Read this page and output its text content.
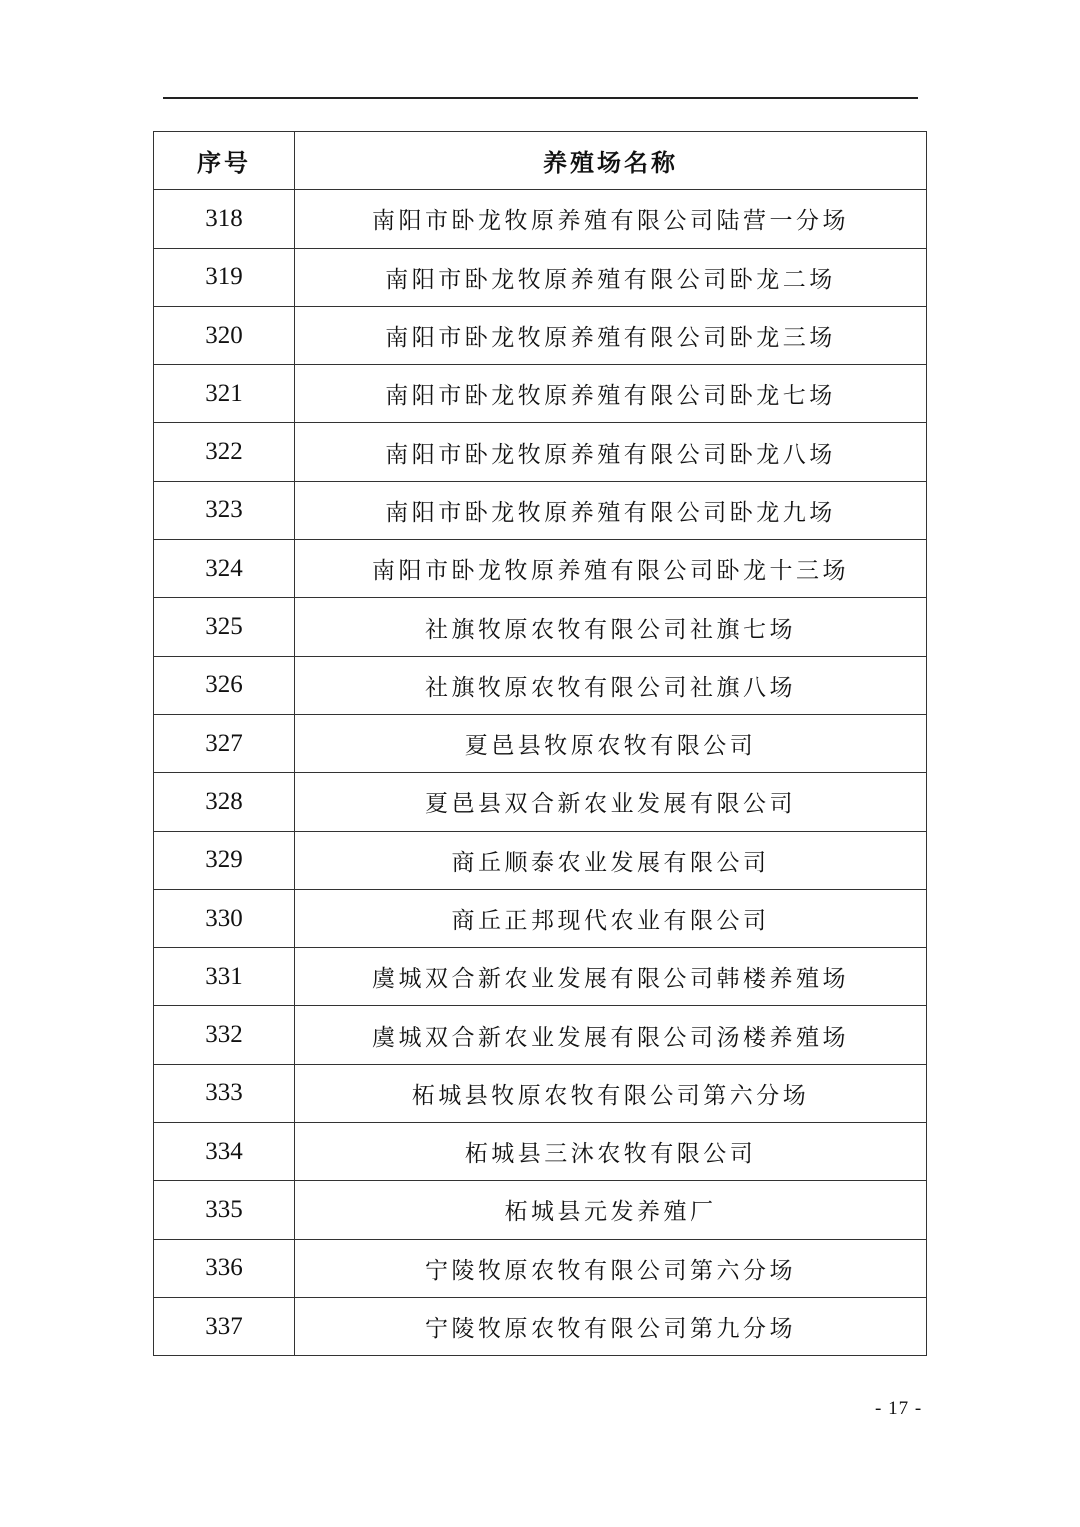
序号	养殖场名称
318	南阳市卧龙牧原养殖有限公司陆营一分场
319	南阳市卧龙牧原养殖有限公司卧龙二场
320	南阳市卧龙牧原养殖有限公司卧龙三场
321	南阳市卧龙牧原养殖有限公司卧龙七场
322	南阳市卧龙牧原养殖有限公司卧龙八场
323	南阳市卧龙牧原养殖有限公司卧龙九场
324	南阳市卧龙牧原养殖有限公司卧龙十三场
325	社旗牧原农牧有限公司社旗七场
326	社旗牧原农牧有限公司社旗八场
327	夏邑县牧原农牧有限公司
328	夏邑县双合新农业发展有限公司
329	商丘顺泰农业发展有限公司
330	商丘正邦现代农业有限公司
331	虞城双合新农业发展有限公司韩楼养殖场
332	虞城双合新农业发展有限公司汤楼养殖场
333	柘城县牧原农牧有限公司第六分场
334	柘城县三沐农牧有限公司
335	柘城县元发养殖厂
336	宁陵牧原农牧有限公司第六分场
337	宁陵牧原农牧有限公司第九分场
- 17 -
